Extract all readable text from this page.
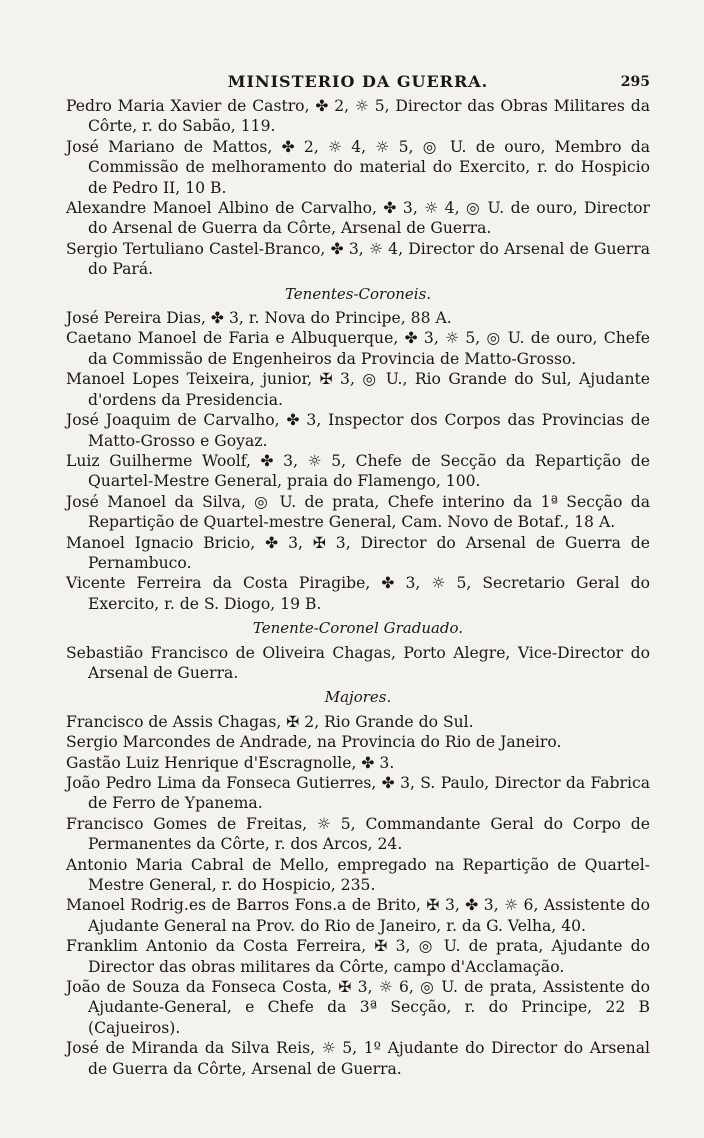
MINISTERIO DA GUERRA.	295

Pedro Maria Xavier de Castro, ✤ 2, ☼ 5, Director das Obras Militares da Côrte, r. do Sabão, 119.

José Mariano de Mattos, ✤ 2, ☼ 4, ☼ 5, ◎ U. de ouro, Membro da Commissão de melhoramento do material do Exercito, r. do Hospicio de Pedro II, 10 B.

Alexandre Manoel Albino de Carvalho, ✤ 3, ☼ 4, ◎ U. de ouro, Director do Arsenal de Guerra da Côrte, Arsenal de Guerra.

Sergio Tertuliano Castel-Branco, ✤ 3, ☼ 4, Director do Arsenal de Guerra do Pará.

Tenentes-Coroneis.

José Pereira Dias, ✤ 3, r. Nova do Principe, 88 A.

Caetano Manoel de Faria e Albuquerque, ✤ 3, ☼ 5, ◎ U. de ouro, Chefe da Commissão de Engenheiros da Provincia de Matto-Grosso.

Manoel Lopes Teixeira, junior, ✠ 3, ◎ U., Rio Grande do Sul, Ajudante d'ordens da Presidencia.

José Joaquim de Carvalho, ✤ 3, Inspector dos Corpos das Provincias de Matto-Grosso e Goyaz.

Luiz Guilherme Woolf, ✤ 3, ☼ 5, Chefe de Secção da Repartição de Quartel-Mestre General, praia do Flamengo, 100.

José Manoel da Silva, ◎ U. de prata, Chefe interino da 1ª Secção da Repartição de Quartel-mestre General, Cam. Novo de Botaf., 18 A.

Manoel Ignacio Bricio, ✤ 3, ✠ 3, Director do Arsenal de Guerra de Pernambuco.

Vicente Ferreira da Costa Piragibe, ✤ 3, ☼ 5, Secretario Geral do Exercito, r. de S. Diogo, 19 B.

Tenente-Coronel Graduado.

Sebastião Francisco de Oliveira Chagas, Porto Alegre, Vice-Director do Arsenal de Guerra.

Majores.

Francisco de Assis Chagas, ✠ 2, Rio Grande do Sul.

Sergio Marcondes de Andrade, na Provincia do Rio de Janeiro.

Gastão Luiz Henrique d'Escragnolle, ✤ 3.

João Pedro Lima da Fonseca Gutierres, ✤ 3, S. Paulo, Director da Fabrica de Ferro de Ypanema.

Francisco Gomes de Freitas, ☼ 5, Commandante Geral do Corpo de Permanentes da Côrte, r. dos Arcos, 24.

Antonio Maria Cabral de Mello, empregado na Repartição de Quartel-Mestre General, r. do Hospicio, 235.

Manoel Rodrig.es de Barros Fons.a de Brito, ✠ 3, ✤ 3, ☼ 6, Assistente do Ajudante General na Prov. do Rio de Janeiro, r. da G. Velha, 40.

Franklim Antonio da Costa Ferreira, ✠ 3, ◎ U. de prata, Ajudante do Director das obras militares da Côrte, campo d'Acclamação.

João de Souza da Fonseca Costa, ✠ 3, ☼ 6, ◎ U. de prata, Assistente do Ajudante-General, e Chefe da 3ª Secção, r. do Principe, 22 B (Cajueiros).

José de Miranda da Silva Reis, ☼ 5, 1º Ajudante do Director do Arsenal de Guerra da Côrte, Arsenal de Guerra.
